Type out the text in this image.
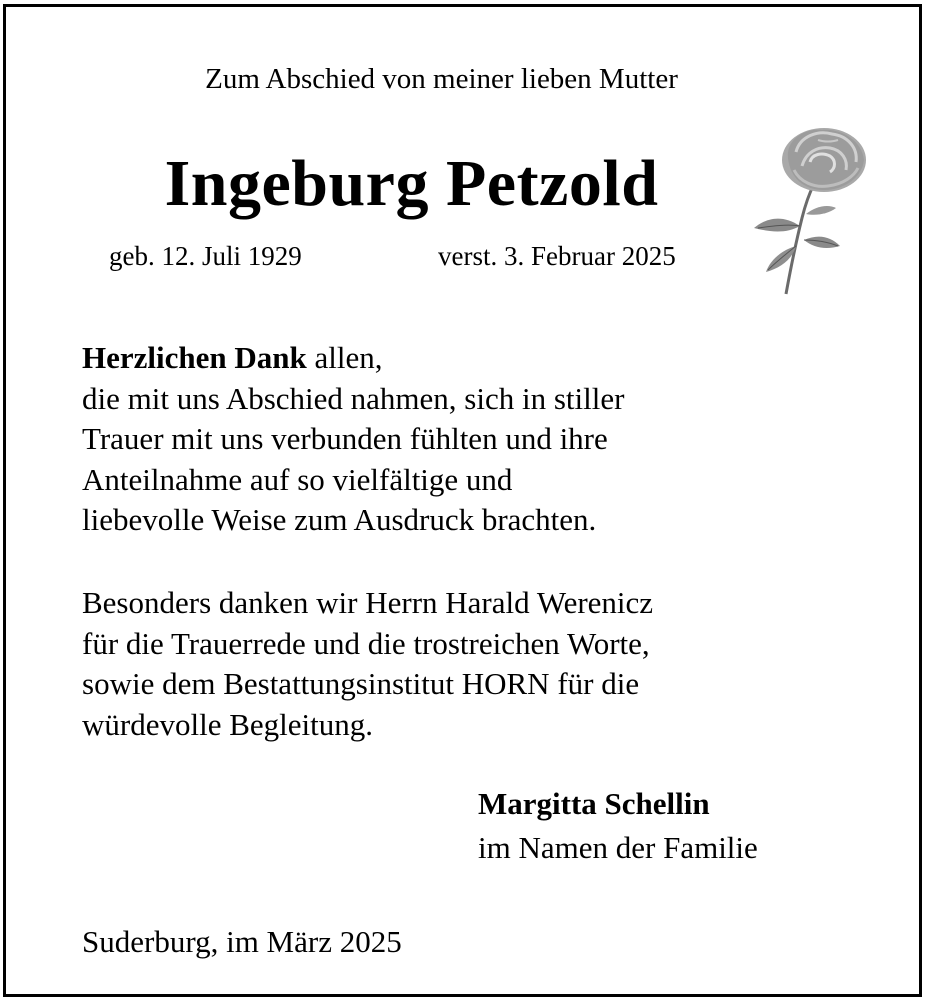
Zum Abschied von meiner lieben Mutter
Ingeburg Petzold
geb. 12. Juli 1929	verst. 3. Februar 2025
Herzlichen Dank allen,
die mit uns Abschied nahmen, sich in stiller
Trauer mit uns verbunden fühlten und ihre
Anteilnahme auf so vielfältige und
liebevolle Weise zum Ausdruck brachten.
Besonders danken wir Herrn Harald Werenicz
für die Trauerrede und die trostreichen Worte,
sowie dem Bestattungsinstitut HORN für die
würdevolle Begleitung.
Margitta Schellin
im Namen der Familie
Suderburg, im März 2025
